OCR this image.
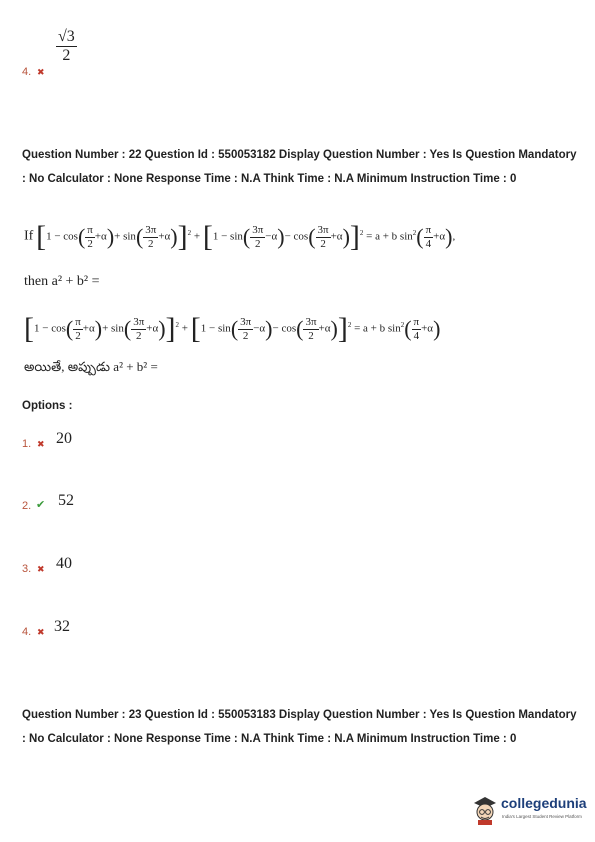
4. ✖
$\frac{√3}{2}$
Question Number : 22 Question Id : 550053182 Display Question Number : Yes Is Question Mandatory : No Calculator : None Response Time : N.A Think Time : N.A Minimum Instruction Time : 0
If $[1 - \cos( \frac{\pi}{2} +\alpha)+ \sin( \frac{3\pi}{2} +\alpha)]^2 + [1 - \sin( \frac{3\pi}{2} -\alpha)- \cos( \frac{3\pi}{2} +\alpha)]^2 = a + b$ $\sin^2( \frac{\pi}{4} +\alpha)$,
then a² + b² =
$[1 - \cos( \frac{\pi}{2} +\alpha)+ \sin( \frac{3\pi}{2} +\alpha)]^2 + [1 - \sin( \frac{3\pi}{2} -\alpha)- \cos( \frac{3\pi}{2} +\alpha)]^2 = a + b$ $\sin^2( \frac{\pi}{4} +\alpha)$
అయితే, అప్పుడు a² + b² =
Options :
1. ✖ 20
2. ✔ 52
3. ✖ 40
4. ✖ 32
Question Number : 23 Question Id : 550053183 Display Question Number : Yes Is Question Mandatory : No Calculator : None Response Time : N.A Think Time : N.A Minimum Instruction Time : 0
collegedunia
India's Largest Student Review Platform
